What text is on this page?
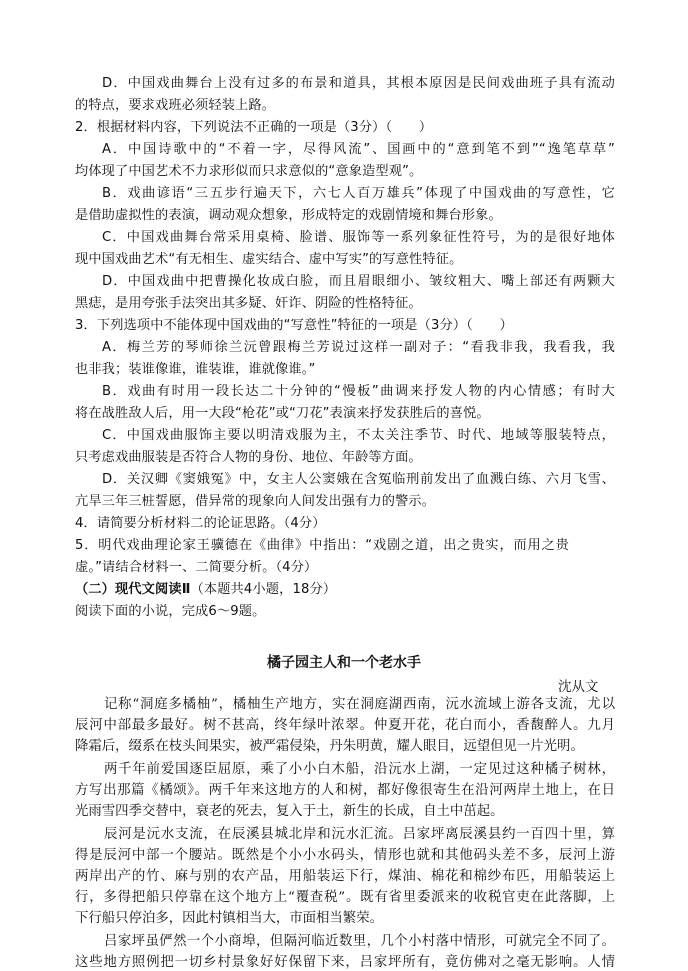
D．中国戏曲舞台上没有过多的布景和道具，其根本原因是民间戏曲班子具有流动
的特点，要求戏班必须轻装上路。
2．根据材料内容，下列说法不正确的一项是（3分）（　　）
A．中国诗歌中的“不着一字，尽得风流”、国画中的“意到笔不到”“逸笔草草”
均体现了中国艺术不力求形似而只求意似的“意象造型观”。
B．戏曲谚语“三五步行遍天下，六七人百万雄兵”体现了中国戏曲的写意性，它
是借助虚拟性的表演，调动观众想象，形成特定的戏剧情境和舞台形象。
C．中国戏曲舞台常采用桌椅、脸谱、服饰等一系列象征性符号，为的是很好地体
现中国戏曲艺术“有无相生、虚实结合、虚中写实”的写意性特征。
D．中国戏曲中把曹操化妆成白脸，而且眉眼细小、皱纹粗大、嘴上部还有两颗大
黑痣，是用夸张手法突出其多疑、奸诈、阴险的性格特征。
3．下列选项中不能体现中国戏曲的“写意性”特征的一项是（3分）（　　）
A．梅兰芳的琴师徐兰沅曾跟梅兰芳说过这样一副对子：“看我非我，我看我，我
也非我；装谁像谁，谁装谁，谁就像谁。”
B．戏曲有时用一段长达二十分钟的“慢板”曲调来抒发人物的内心情感；有时大
将在战胜敌人后，用一大段“枪花”或“刀花”表演来抒发获胜后的喜悦。
C．中国戏曲服饰主要以明清戏服为主，不太关注季节、时代、地域等服装特点，
只考虑戏曲服装是否符合人物的身份、地位、年龄等方面。
D．关汉卿《窦娥冤》中，女主人公窦娥在含冤临刑前发出了血溅白练、六月飞雪、
亢旱三年三桩誓愿，借异常的现象向人间发出强有力的警示。
4．请简要分析材料二的论证思路。（4分）
5．明代戏曲理论家王骥德在《曲律》中指出：“戏剧之道，出之贵实，而用之贵
虚。”请结合材料一、二简要分析。（4分）
（二）现代文阅读Ⅱ（本题共4小题，18分）
阅读下面的小说，完成6～9题。
橘子园主人和一个老水手
沈从文
记称“洞庭多橘柚”，橘柚生产地方，实在洞庭湖西南，沅水流域上游各支流，尤以
辰河中部最多最好。树不甚高，终年绿叶浓翠。仲夏开花，花白而小，香馥醉人。九月
降霜后，缀系在枝头间果实，被严霜侵染，丹朱明黄，耀人眼目，远望但见一片光明。
两千年前爱国逐臣屈原，乘了小小白木船，沿沅水上湖，一定见过这种橘子树林，
方写出那篇《橘颂》。两千年来这地方的人和树，都好像很寄生在沿河两岸土地上，在日
光雨雪四季交替中，衰老的死去，复入于土，新生的长成，自土中茁起。
辰河是沅水支流，在辰溪县城北岸和沅水汇流。吕家坪离辰溪县约一百四十里，算
得是辰河中部一个腰站。既然是个小小水码头，情形也就和其他码头差不多，辰河上游
两岸出产的竹、麻与别的农产品，用船装运下行，煤油、棉花和棉纱布匹，用船装运上
行，多得把船只停靠在这个地方上“覆查税”。既有省里委派来的收税官吏在此落脚，上
下行船只停泊多，因此村镇相当大，市面相当繁荣。
吕家坪虽俨然一个小商埠，但隔河临近数里，几个小村落中情形，可就完全不同了。
这些地方照例把一切乡村景象好好保留下来，吕家坪所有，竟仿佛对之毫无影响。人情
